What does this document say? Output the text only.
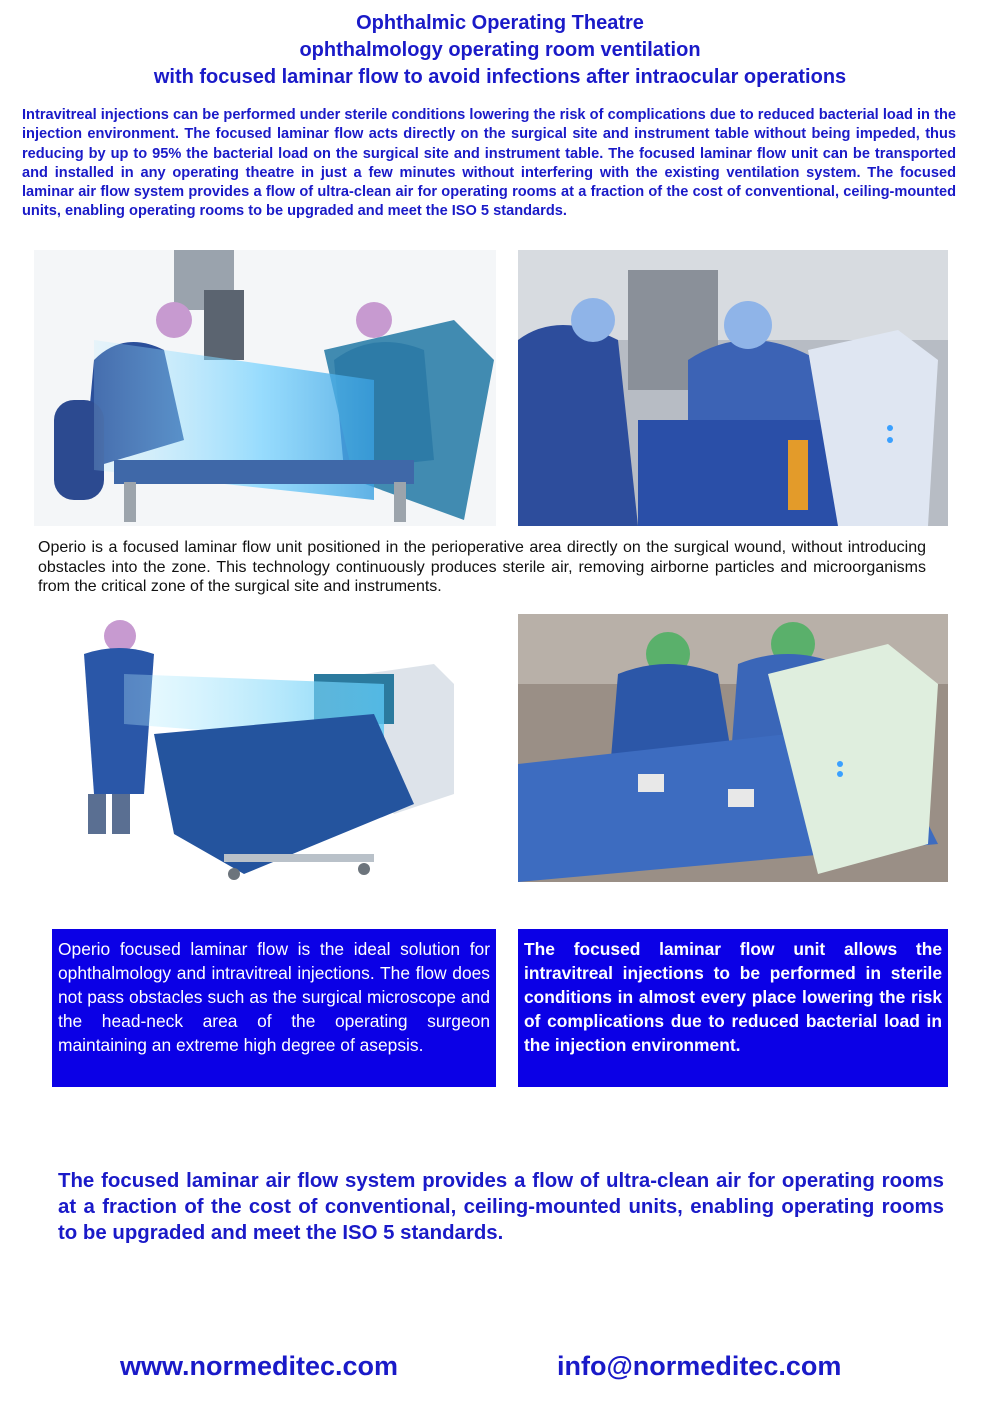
Ophthalmic Operating Theatre
ophthalmology operating room ventilation
with focused laminar flow to avoid infections after intraocular operations
Intravitreal injections can be performed under sterile conditions lowering the risk of complications due to reduced bacterial load in the injection environment. The focused laminar flow acts directly on the surgical site and instrument table without being impeded, thus reducing by up to 95% the bacterial load on the surgical site and instrument table. The focused laminar flow unit can be transported and installed in any operating theatre in just a few minutes without interfering with the existing ventilation system. The focused laminar air flow system provides a flow of ultra-clean air for operating rooms at a fraction of the cost of conventional, ceiling-mounted units, enabling operating rooms to be upgraded and meet the ISO 5 standards.
Operio is a focused laminar flow unit positioned in the perioperative area directly on the surgical wound, without introducing obstacles into the zone. This technology continuously produces sterile air, removing airborne particles and microorganisms from the critical zone of the surgical site and instruments.
Operio focused laminar flow is the ideal solution for ophthalmology and intravitreal injections. The flow does not pass obstacles such as the surgical microscope and the head-neck area of the operating surgeon maintaining an extreme high degree of asepsis.
The focused laminar flow unit allows the intravitreal injections to be performed in sterile conditions in almost every place lowering the risk of complications due to reduced bacterial load in the injection environment.
The focused laminar air flow system provides a flow of ultra-clean air for operating rooms at a fraction of the cost of conventional, ceiling-mounted units, enabling operating rooms to be upgraded and meet the ISO 5 standards.
www.normeditec.com	info@normeditec.com
